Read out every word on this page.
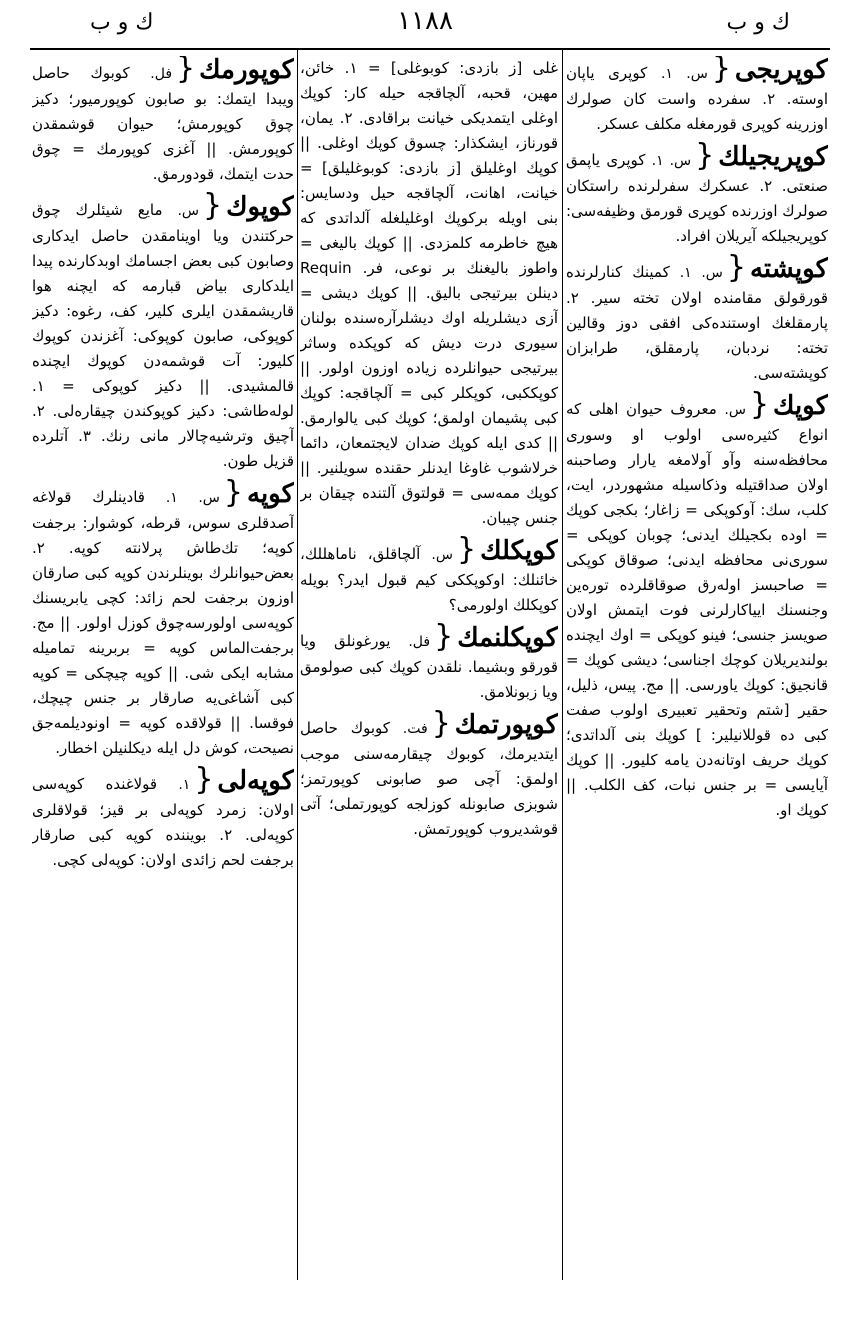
ك و ب
۱۱۸۸
ك و ب
كوپريجى{س. ۱. كوپرى ياپان اوسته. ۲. سفرده واست كان صولرك اوزرينه كوپرى قورمغله مكلف عسكر.
كوپريجيلك{س. ۱. كوپرى ياپمق صنعتى. ۲. عسكرك سفرلرنده راستكان صولرك اوزرنده كوپرى قورمق وظيفه‌سى: كوپريجيلكه آيريلان افراد.
كوپشته{س. ۱. كمينك كنارلرنده قورقولق مقامنده اولان تخته سير. ۲. پارمقلغك اوستنده‌كى افقى دوز وقالين تخته: نردبان، پارمقلق، طرابزان كوپشته‌سى.
كوپك{س. معروف حيوان اهلى كه انواع كثيره‌سى اولوب او وسورى محافظه‌سنه وآو آولامغه يارار وصاحبنه اولان صداقتيله وذكاسيله مشهوردر، ايت، كلب، سك: آوكوپكى = زاغار؛ بكجى كوپك = اوده بكجيلك ايدنى؛ چوبان كوپكى = سورى‌نى محافظه ايدنى؛ صوقاق كوپكى = صاحبسز اوله‌رق صوقاقلرده تورەين وجنسنك ايياكارلرنى فوت ايتمش اولان صويسز جنسى؛ فينو كوپكى = اوك ايچنده بولنديريلان كوچك اجناسى؛ ديشى كوپك = قانجيق: كوپك ياورسى. || مج. پيس، ذليل، حقير [شتم وتحقير تعبيرى اولوب صفت كبى ده قوللانيلير: ] كوپك بنى آلداتدى؛ كوپك حريف اوتانه‌دن يامه كليور. || كوپك آيايسى = بر جنس نبات، كف الكلب. || كوپك او.
غلى [ز بازدى: كوبوغلى] = ۱. خائن، مهين، قحبه، آلچاقجه حيله كار: كوپك اوغلى ايتمديكى خيانت براقادى. ۲. يمان، قورناز، ايشكذار: چسوق كوپك اوغلى. || كوپك اوغليلق [ز بازدى: كوبوغليلق] = خيانت، اهانت، آلچاقجه حيل ودسايس: بنى اويله بركوپك اوغليلغله آلداتدى كه هيچ خاطرمه كلمزدى. || كوپك باليغى = واطوز باليغنك بر نوعى، فر. Requin دينلن بيرتيجى باليق. || كوپك ديشى = آزى ديشلريله اوك ديشلرآره‌سنده بولنان سيورى درت ديش كه كوپكده وساثر بيرتيجى حيوانلرده زياده اوزون اولور. || كوپككبى، كوپكلر كبى = آلچاقجه: كوپك كبى پشيمان اولمق؛ كوپك كبى يالوارمق. || كدى ايله كوپك ضدان لايجتمعان، دائما خرلاشوب غاوغا ايدنلر حقنده سويلنير. || كوپك ممه‌سى = قولتوق آلتنده چيقان بر جنس چيبان.
كوپكلك{س. آلچاقلق، ناماهللك، خائنلك: اوكوپككى كيم قبول ايدر؟ بويله كوپكلك اولورمى؟
كوپكلنمك{فل. يورغونلق ويا قورقو وبشيما. نلقدن كوپك كبى صولومق ويا زبونلامق.
كوپورتمك{فت. كوبوك حاصل ايتديرمك، كوبوك چيقارمه‌سنى موجب اولمق: آچى صو صابونى كوپورتمز؛ شوبزى صابونله كوزلجه كوپورتملى؛ آتى قوشديروب كوپورتمش.
كوپورمك{فل. كوبوك حاصل ويبدا ايتمك: بو صابون كوپورميور؛ دكيز چوق كوپورمش؛ حيوان قوشمقدن كوپورمش. || آغزى كوپورمك = چوق حدت ايتمك، قودورمق.
كوپوك{س. مايع شيئلرك چوق حركتندن ويا اوينامقدن حاصل ايدكارى وصابون كبى بعض اجسامك اوبدكارنده پيدا ايلدكارى بياض قبارمه كه ايچنه هوا قاريشمقدن ايلرى كلير، كف، رغوه: دكيز كوپوكى، صابون كوپوكى: آغزندن كوپوك كليور: آت قوشمه‌دن كوپوك ايچنده قالمشيدى. || دكيز كوپوكى = ۱. لوله‌طاشى: دكيز كوپوكندن چيقاره‌لى. ۲. آچيق وترشيه‌چالار مانى رنك. ۳. آتلرده قزيل طون.
كوپه{س. ۱. قادينلرك قولاغه آصدقلرى سوس، قرطه، كوشوار: برجفت كوپه؛ تك‌طاش پرلانته كوپه. ۲. بعض‌حيوانلرك بوينلرندن كوپه كبى صارقان اوزون برجفت لحم زائد: كچى يابريسنك كوپه‌سى اولورسه‌چوق كوزل اولور. || مج. برجفت‌الماس كوپه = بربرينه تماميله مشابه ايكى شى. || كوپه چيچكى = كوپه كبى آشاغى‌يه صارقار بر جنس چيچك، فوقسا. || قولاقده كوپه = اونوديلمه‌جق نصيحت، كوش دل ايله ديكلنيلن اخطار.
كوپه‌لى{۱. قولاغنده كوپه‌سى اولان: زمرد كوپه‌لى بر قيز؛ قولاقلرى كوپه‌لى. ۲. بوينندە كوپه كبى صارقار برجفت لحم زائدى اولان: كوپه‌لى كچى.
